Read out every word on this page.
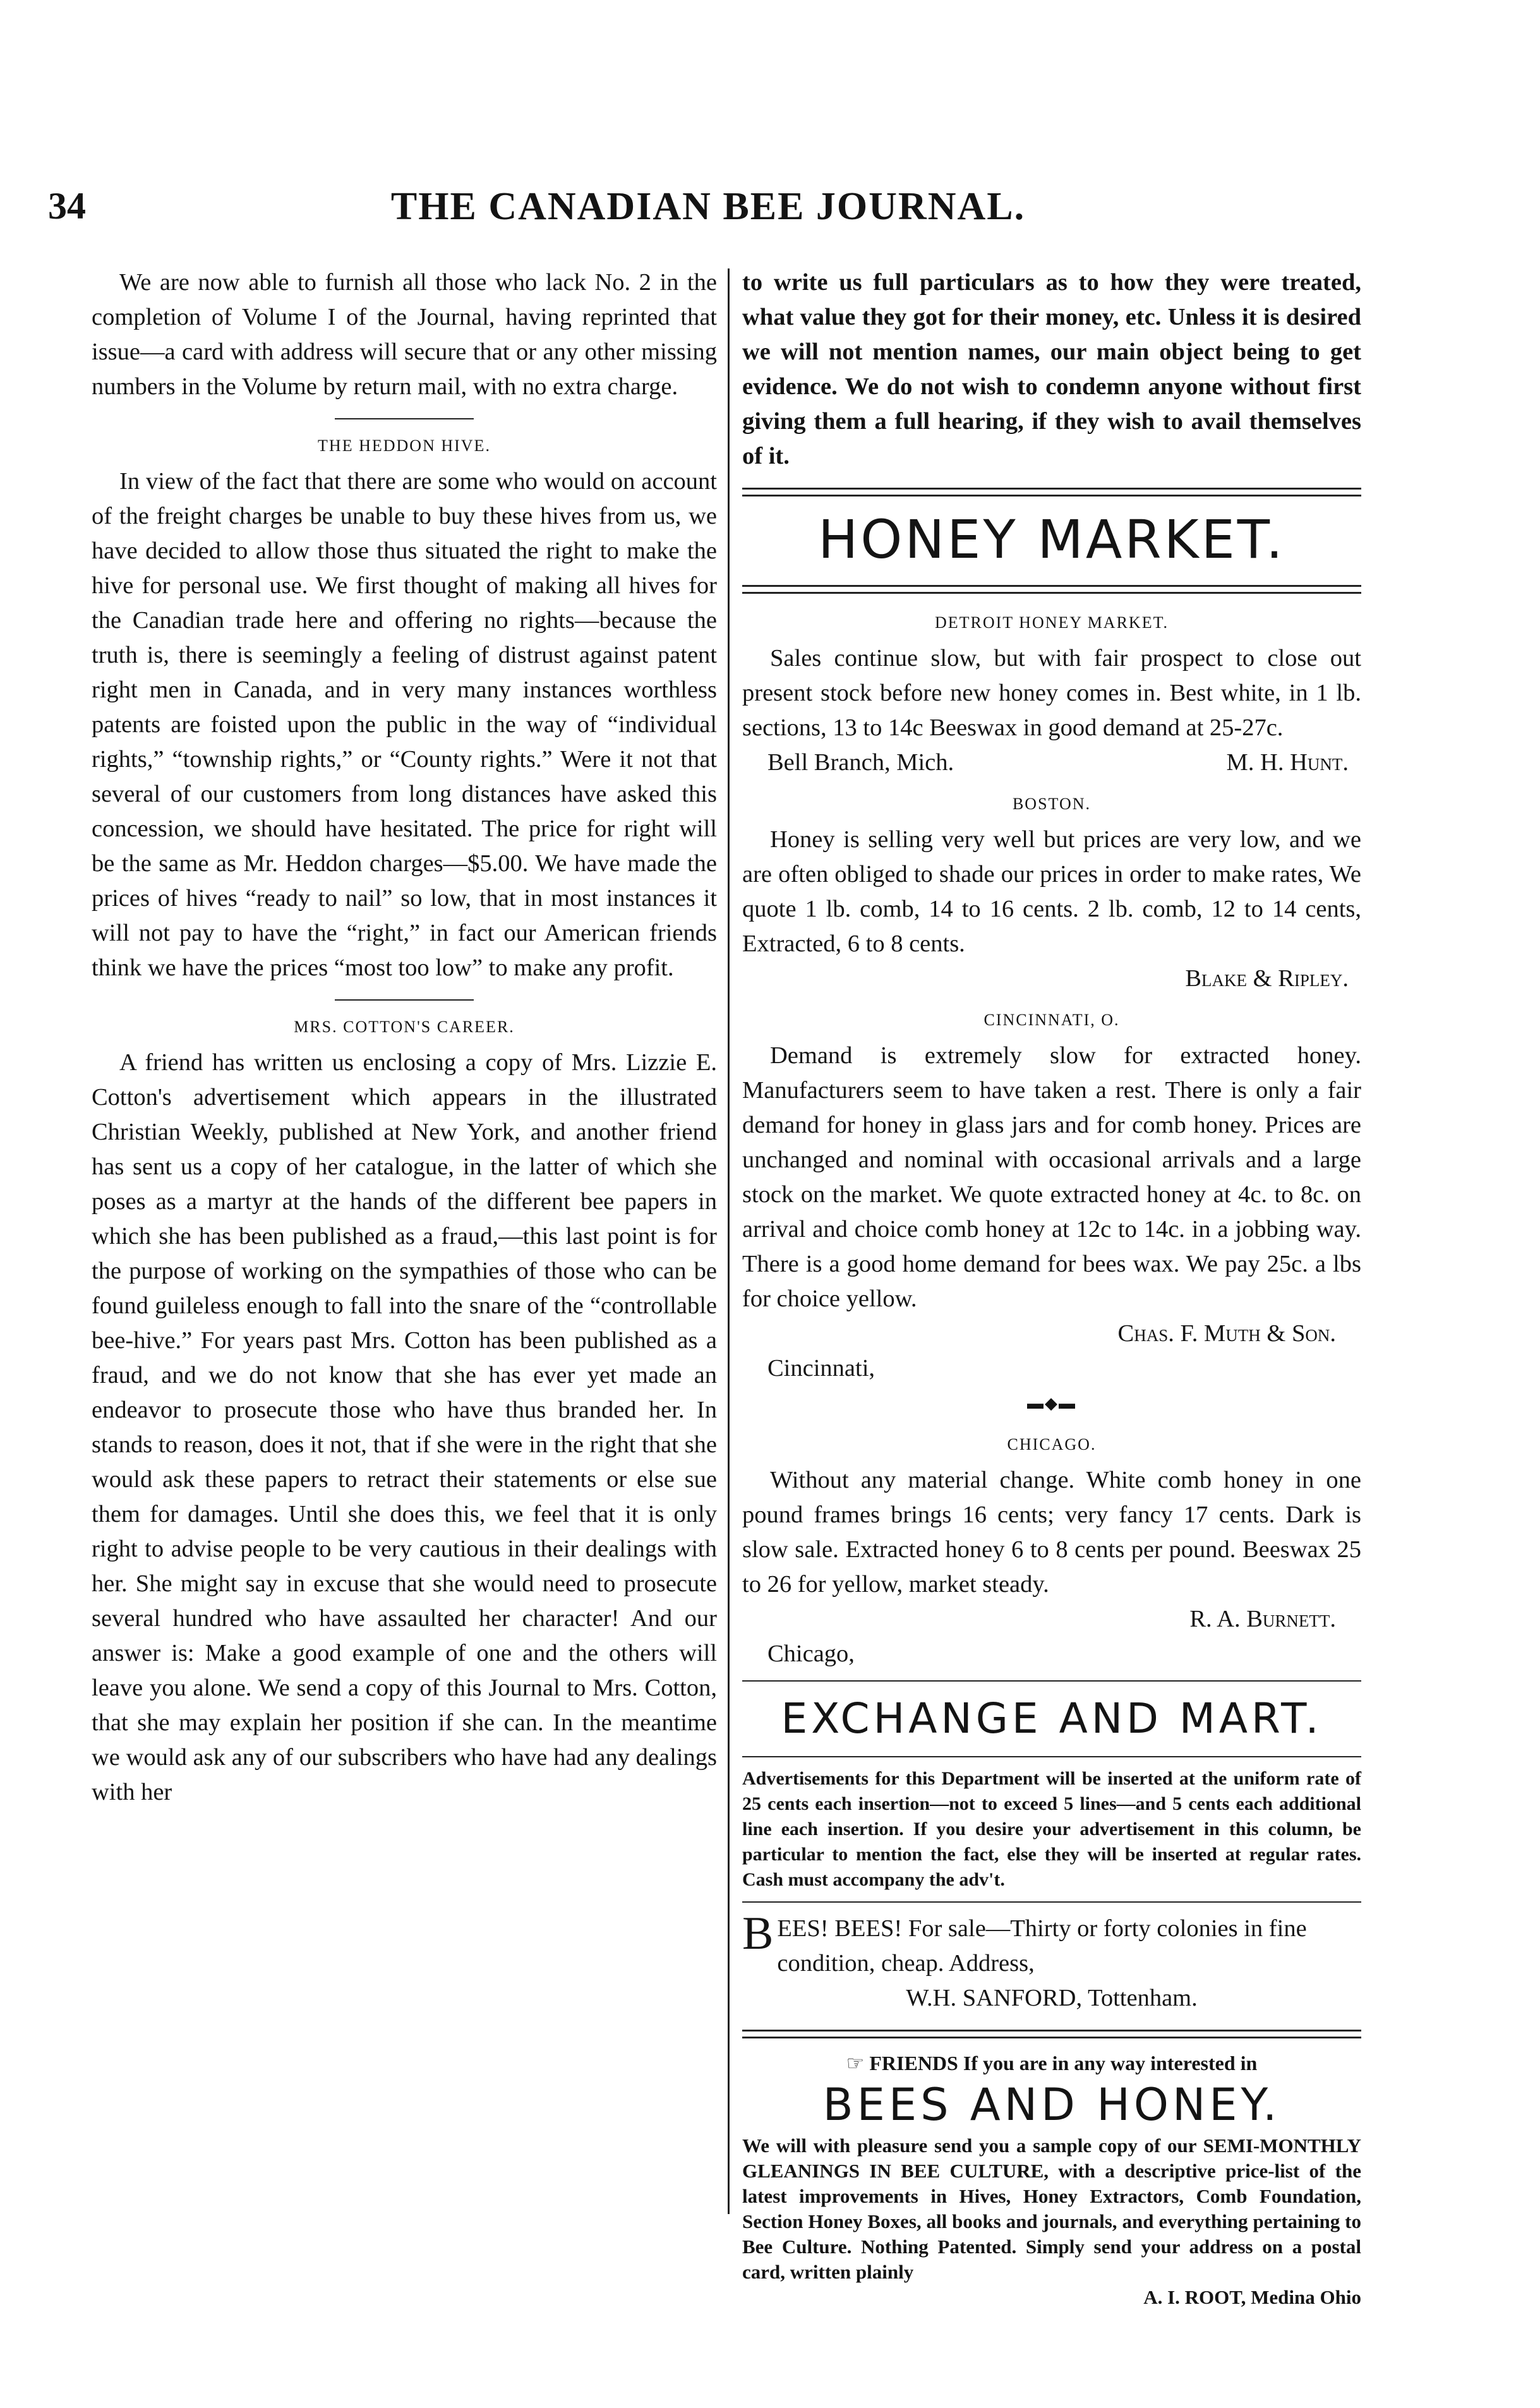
34	THE CANADIAN BEE JOURNAL.

We are now able to furnish all those who lack No. 2 in the completion of Volume I of the Journal, having reprinted that issue—a card with address will secure that or any other missing numbers in the Volume by return mail, with no extra charge.

THE HEDDON HIVE.

In view of the fact that there are some who would on account of the freight charges be unable to buy these hives from us, we have decided to allow those thus situated the right to make the hive for personal use. We first thought of making all hives for the Canadian trade here and offering no rights—because the truth is, there is seemingly a feeling of distrust against patent right men in Canada, and in very many instances worthless patents are foisted upon the public in the way of “individual rights,” “township rights,” or “County rights.” Were it not that several of our customers from long distances have asked this concession, we should have hesitated. The price for right will be the same as Mr. Heddon charges—$5.00. We have made the prices of hives “ready to nail” so low, that in most instances it will not pay to have the “right,” in fact our American friends think we have the prices “most too low” to make any profit.

MRS. COTTON'S CAREER.

A friend has written us enclosing a copy of Mrs. Lizzie E. Cotton's advertisement which appears in the illustrated Christian Weekly, published at New York, and another friend has sent us a copy of her catalogue, in the latter of which she poses as a martyr at the hands of the different bee papers in which she has been published as a fraud,—this last point is for the purpose of working on the sympathies of those who can be found guileless enough to fall into the snare of the “controllable bee-hive.” For years past Mrs. Cotton has been published as a fraud, and we do not know that she has ever yet made an endeavor to prosecute those who have thus branded her. In stands to reason, does it not, that if she were in the right that she would ask these papers to retract their statements or else sue them for damages. Until she does this, we feel that it is only right to advise people to be very cautious in their dealings with her. She might say in excuse that she would need to prosecute several hundred who have assaulted her character! And our answer is: Make a good example of one and the others will leave you alone. We send a copy of this Journal to Mrs. Cotton, that she may explain her position if she can. In the meantime we would ask any of our subscribers who have had any dealings with her

to write us full particulars as to how they were treated, what value they got for their money, etc. Unless it is desired we will not mention names, our main object being to get evidence. We do not wish to condemn anyone without first giving them a full hearing, if they wish to avail themselves of it.

HONEY MARKET.
DETROIT HONEY MARKET.

Sales continue slow, but with fair prospect to close out present stock before new honey comes in. Best white, in 1 lb. sections, 13 to 14c Beeswax in good demand at 25-27c.

Bell Branch, Mich.	M. H. Hunt.
BOSTON.

Honey is selling very well but prices are very low, and we are often obliged to shade our prices in order to make rates, We quote 1 lb. comb, 14 to 16 cents. 2 lb. comb, 12 to 14 cents, Extracted, 6 to 8 cents.

Blake & Ripley.
CINCINNATI, O.

Demand is extremely slow for extracted honey. Manufacturers seem to have taken a rest. There is only a fair demand for honey in glass jars and for comb honey. Prices are unchanged and nominal with occasional arrivals and a large stock on the market. We quote extracted honey at 4c. to 8c. on arrival and choice comb honey at 12c to 14c. in a jobbing way. There is a good home demand for bees wax. We pay 25c. a lbs for choice yellow.

Chas. F. Muth & Son.
Cincinnati,
▬◆▬
CHICAGO.

Without any material change. White comb honey in one pound frames brings 16 cents; very fancy 17 cents. Dark is slow sale. Extracted honey 6 to 8 cents per pound. Beeswax 25 to 26 for yellow, market steady.

R. A. Burnett.
Chicago,
EXCHANGE AND MART.

Advertisements for this Department will be inserted at the uniform rate of 25 cents each insertion—not to exceed 5 lines—and 5 cents each additional line each insertion. If you desire your advertisement in this column, be particular to mention the fact, else they will be inserted at regular rates. Cash must accompany the adv't.

B EES! BEES! For sale—Thirty or forty colonies in fine condition, cheap. Address,
W.H. SANFORD, Tottenham.
☞ FRIENDS If you are in any way interested in
BEES AND HONEY.

We will with pleasure send you a sample copy of our SEMI-MONTHLY GLEANINGS IN BEE CULTURE, with a descriptive price-list of the latest improvements in Hives, Honey Extractors, Comb Foundation, Section Honey Boxes, all books and journals, and everything pertaining to Bee Culture. Nothing Patented. Simply send your address on a postal card, written plainly

A. I. ROOT, Medina Ohio
